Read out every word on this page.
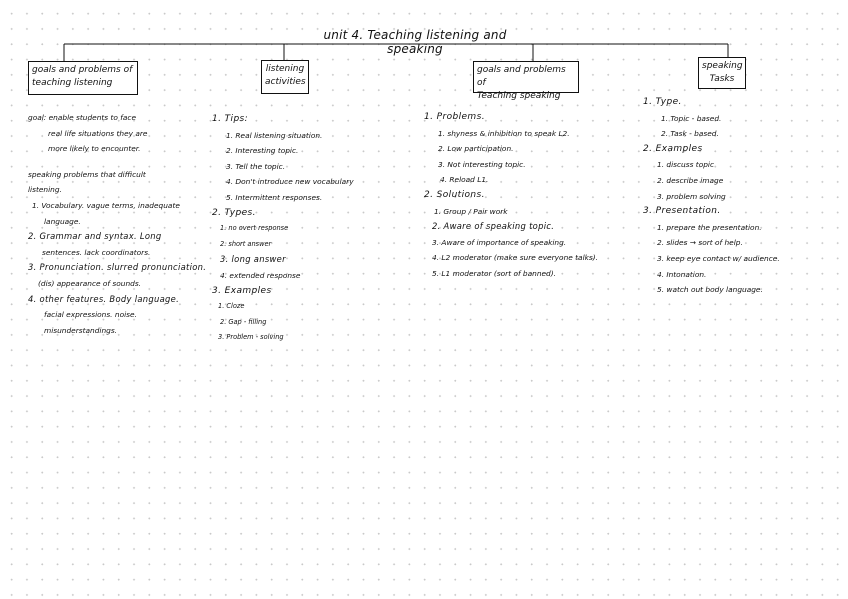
unit 4. Teaching listening and speaking
goals and problems of
teaching listening
listening
activities
goals and problems of
Teaching speaking
speaking
Tasks

goal: enable students to face

real life situations they are

more likely to encounter.

speaking problems that difficult

listening.

1. Vocabulary. vague terms, inadequate

language.

2. Grammar and syntax. Long

sentences. lack coordinators.

3. Pronunciation. slurred pronunciation.

(dis) appearance of sounds.

4. other features. Body language.

facial expressions. noise.

misunderstandings.

1. Tips:

1. Real listening situation.

2. Interesting topic.

3. Tell the topic.

4. Don't introduce new vocabulary

5. Intermittent responses.

2. Types.

1. no overt response

2. short answer

3. long answer

4. extended response

3. Examples

1. Cloze

2. Gap - filling

3. Problem - solving

1. Problems.

1. shyness & inhibition to speak L2.

2. Low participation.

3. Not interesting topic.

4. Reload L1.

2. Solutions.

1. Group / Pair work

2. Aware of speaking topic.

3. Aware of importance of speaking.

4. L2 moderator (make sure everyone talks).

5. L1 moderator (sort of banned).

1. Type.

1. Topic - based.

2. Task - based.

2. Examples

1. discuss topic

2. describe image

3. problem solving

3. Presentation.

1. prepare the presentation.

2. slides → sort of help.

3. keep eye contact w/ audience.

4. Intonation.

5. watch out body language.
